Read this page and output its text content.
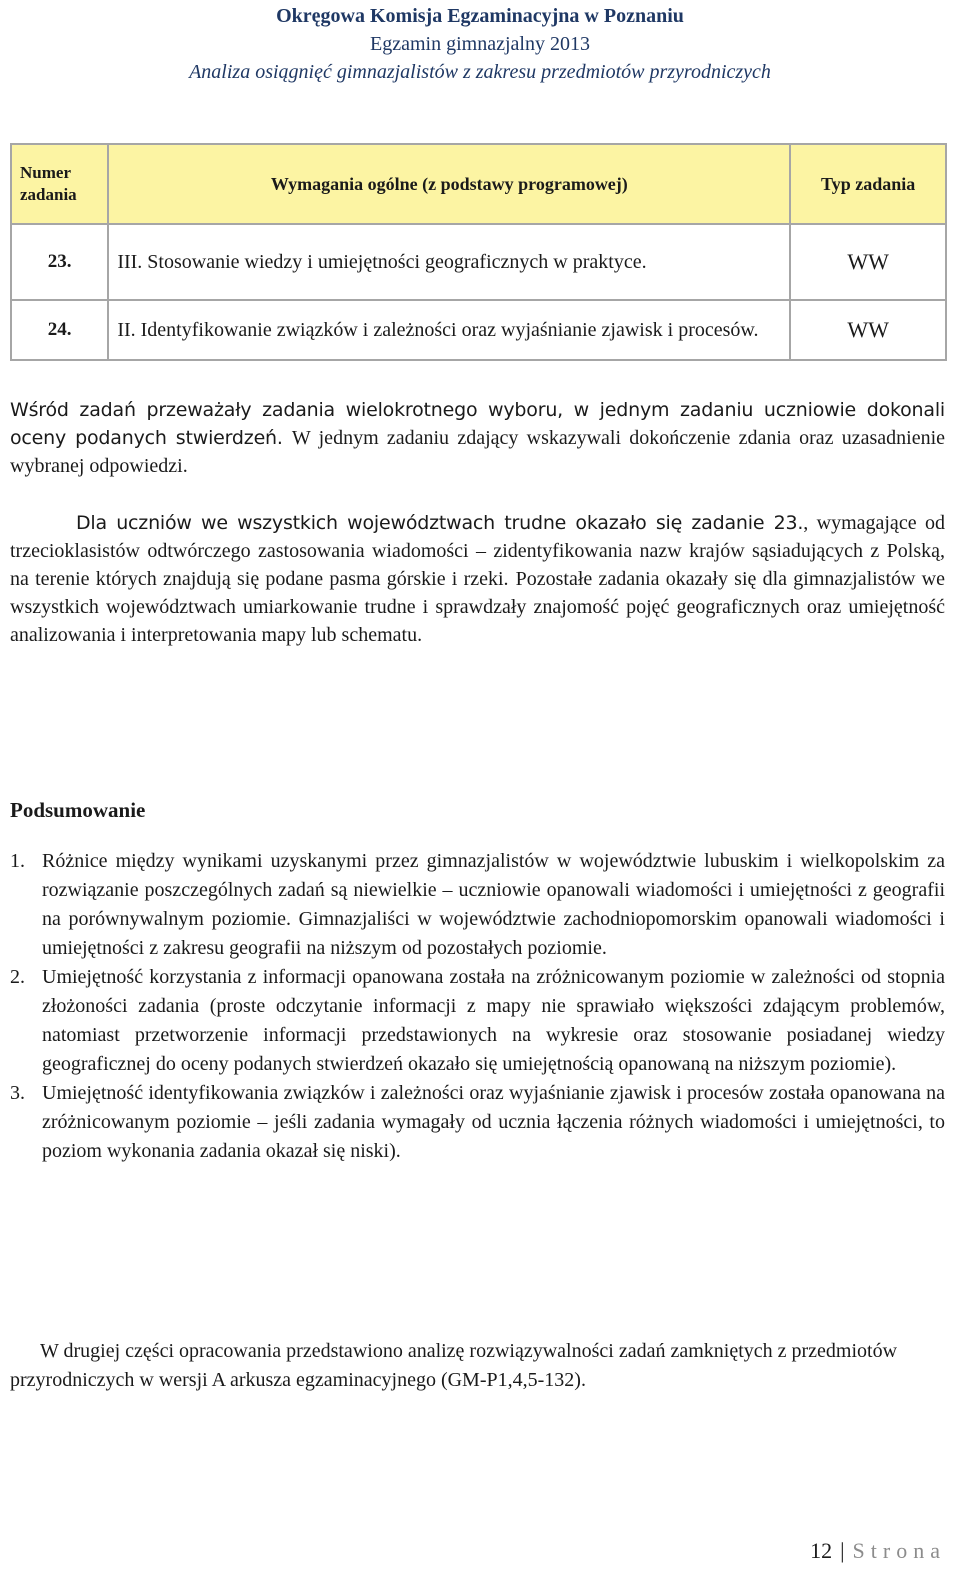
Okręgowa Komisja Egzaminacyjna w Poznaniu
Egzamin gimnazjalny 2013
Analiza osiągnięć gimnazjalistów z zakresu przedmiotów przyrodniczych
Numer zadania	Wymagania ogólne (z podstawy programowej)	Typ zadania
23.	III. Stosowanie wiedzy i umiejętności geograficznych w praktyce.	WW
24.	II. Identyfikowanie związków i zależności oraz wyjaśnianie zjawisk i procesów.	WW
Wśród zadań przeważały zadania wielokrotnego wyboru, w jednym zadaniu uczniowie dokonali oceny podanych stwierdzeń. W jednym zadaniu zdający wskazywali dokończenie zdania oraz uzasadnienie wybranej odpowiedzi.
Dla uczniów we wszystkich województwach trudne okazało się zadanie 23., wymagające od trzecioklasistów odtwórczego zastosowania wiadomości – zidentyfikowania nazw krajów sąsiadujących z Polską, na terenie których znajdują się podane pasma górskie i rzeki. Pozostałe zadania okazały się dla gimnazjalistów we wszystkich województwach umiarkowanie trudne i sprawdzały znajomość pojęć geograficznych oraz umiejętność analizowania i interpretowania mapy lub schematu.
Podsumowanie
1. Różnice między wynikami uzyskanymi przez gimnazjalistów w województwie lubuskim i wielkopolskim za rozwiązanie poszczególnych zadań są niewielkie – uczniowie opanowali wiadomości i umiejętności z geografii na porównywalnym poziomie. Gimnazjaliści w województwie zachodniopomorskim opanowali wiadomości i umiejętności z zakresu geografii na niższym od pozostałych poziomie.
2. Umiejętność korzystania z informacji opanowana została na zróżnicowanym poziomie w zależności od stopnia złożoności zadania (proste odczytanie informacji z mapy nie sprawiało większości zdającym problemów, natomiast przetworzenie informacji przedstawionych na wykresie oraz stosowanie posiadanej wiedzy geograficznej do oceny podanych stwierdzeń okazało się umiejętnością opanowaną na niższym poziomie).
3. Umiejętność identyfikowania związków i zależności oraz wyjaśnianie zjawisk i procesów została opanowana na zróżnicowanym poziomie – jeśli zadania wymagały od ucznia łączenia różnych wiadomości i umiejętności, to poziom wykonania zadania okazał się niski).
W drugiej części opracowania przedstawiono analizę rozwiązywalności zadań zamkniętych z przedmiotów przyrodniczych w wersji A arkusza egzaminacyjnego (GM-P1,4,5-132).
12 | Strona
